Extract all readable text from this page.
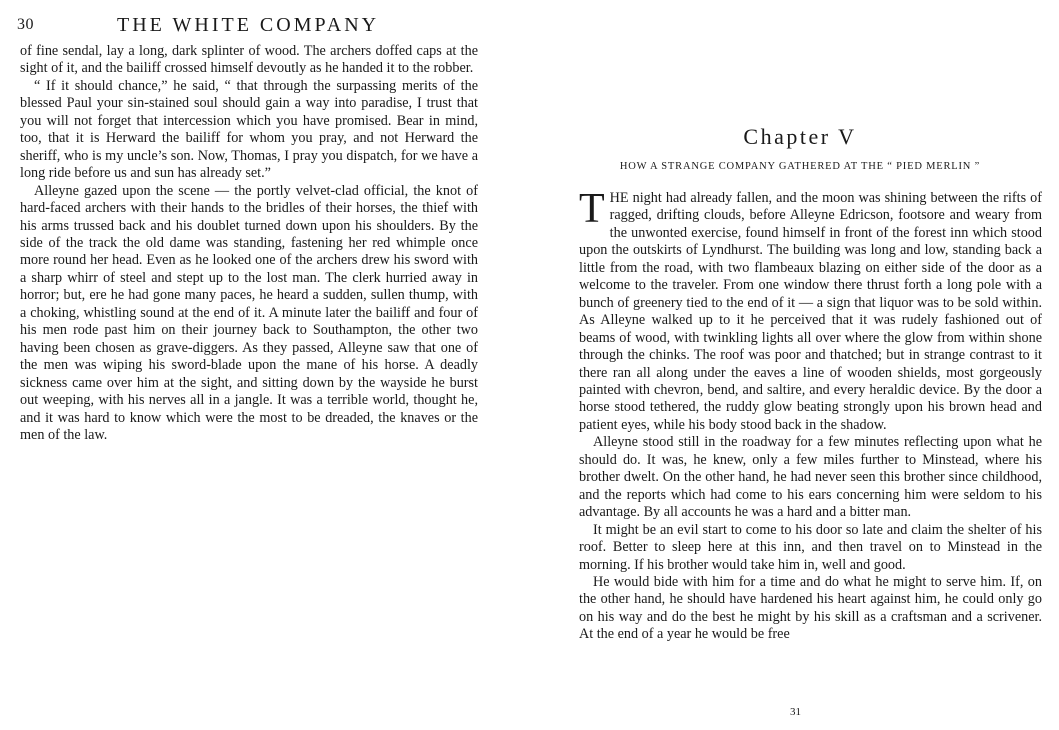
30	THE WHITE COMPANY

of fine sendal, lay a long, dark splinter of wood. The archers doffed caps at the sight of it, and the bailiff crossed himself devoutly as he handed it to the robber.

“ If it should chance,” he said, “ that through the surpassing merits of the blessed Paul your sin-stained soul should gain a way into paradise, I trust that you will not forget that intercession which you have promised. Bear in mind, too, that it is Herward the bailiff for whom you pray, and not Herward the sheriff, who is my uncle’s son. Now, Thomas, I pray you dispatch, for we have a long ride before us and sun has already set.”

Alleyne gazed upon the scene — the portly velvet-clad official, the knot of hard-faced archers with their hands to the bridles of their horses, the thief with his arms trussed back and his doublet turned down upon his shoulders. By the side of the track the old dame was standing, fastening her red whimple once more round her head. Even as he looked one of the archers drew his sword with a sharp whirr of steel and stept up to the lost man. The clerk hurried away in horror; but, ere he had gone many paces, he heard a sudden, sullen thump, with a choking, whistling sound at the end of it. A minute later the bailiff and four of his men rode past him on their journey back to Southampton, the other two having been chosen as grave-diggers. As they passed, Alleyne saw that one of the men was wiping his sword-blade upon the mane of his horse. A deadly sickness came over him at the sight, and sitting down by the wayside he burst out weeping, with his nerves all in a jangle. It was a terrible world, thought he, and it was hard to know which were the most to be dreaded, the knaves or the men of the law.

Chapter V
HOW A STRANGE COMPANY GATHERED AT THE “ PIED MERLIN ”

THE night had already fallen, and the moon was shining between the rifts of ragged, drifting clouds, before Alleyne Edricson, footsore and weary from the unwonted exercise, found himself in front of the forest inn which stood upon the outskirts of Lyndhurst. The building was long and low, standing back a little from the road, with two flambeaux blazing on either side of the door as a welcome to the traveler. From one window there thrust forth a long pole with a bunch of greenery tied to the end of it — a sign that liquor was to be sold within. As Alleyne walked up to it he perceived that it was rudely fashioned out of beams of wood, with twinkling lights all over where the glow from within shone through the chinks. The roof was poor and thatched; but in strange contrast to it there ran all along under the eaves a line of wooden shields, most gorgeously painted with chevron, bend, and saltire, and every heraldic device. By the door a horse stood tethered, the ruddy glow beating strongly upon his brown head and patient eyes, while his body stood back in the shadow.

Alleyne stood still in the roadway for a few minutes reflecting upon what he should do. It was, he knew, only a few miles further to Minstead, where his brother dwelt. On the other hand, he had never seen this brother since childhood, and the reports which had come to his ears concerning him were seldom to his advantage. By all accounts he was a hard and a bitter man.

It might be an evil start to come to his door so late and claim the shelter of his roof. Better to sleep here at this inn, and then travel on to Minstead in the morning. If his brother would take him in, well and good.

He would bide with him for a time and do what he might to serve him. If, on the other hand, he should have hardened his heart against him, he could only go on his way and do the best he might by his skill as a craftsman and a scrivener. At the end of a year he would be free

31
